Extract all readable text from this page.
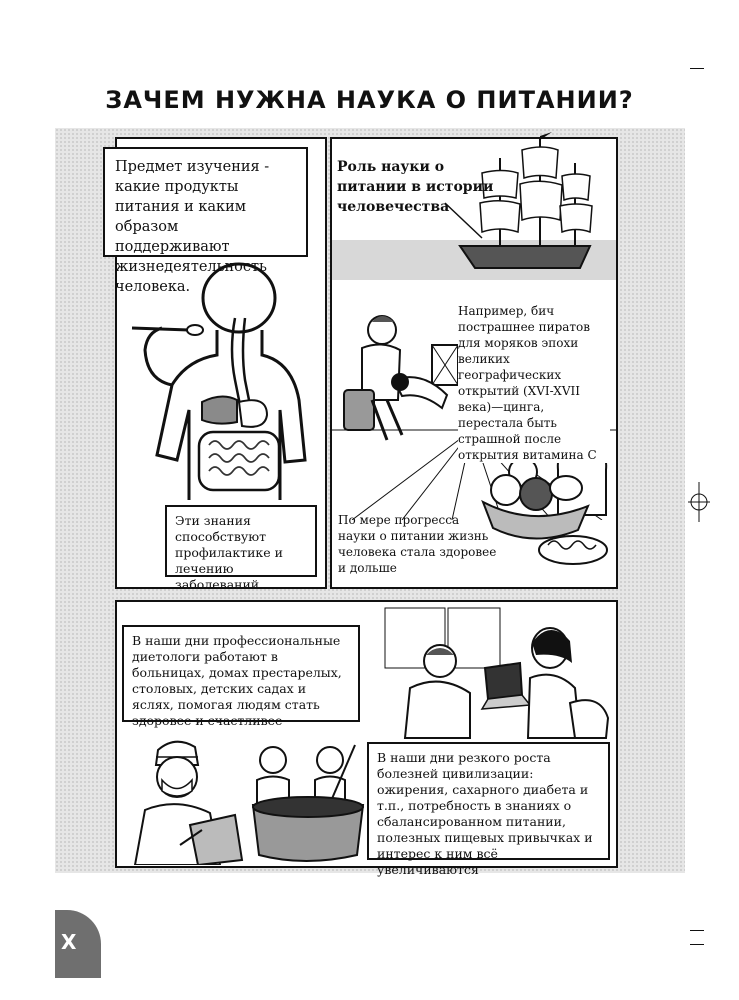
ЗАЧЕМ НУЖНА НАУКА О ПИТАНИИ?
Предмет изучения - какие продукты питания и каким образом поддерживают жизнедеятельность человека.
Эти знания способствуют профилактике и лечению заболеваний
Роль науки о питании в истории человечества
Например, бич пострашнее пиратов для моряков эпохи великих географических открытий (XVI-XVII века)—цинга, перестала быть страшной после открытия витамина С
По мере прогресса науки о питании жизнь человека стала здоровее и дольше
В наши дни профессиональные диетологи работают в больницах, домах престарелых, столовых, детских садах и яслях, помогая людям стать здоровее и счастливее
В наши дни резкого роста болезней цивилизации: ожирения, сахарного диабета и т.п., потребность в знаниях о сбалансированном питании, полезных пищевых привычках и интерес к ним всё увеличиваются
X
